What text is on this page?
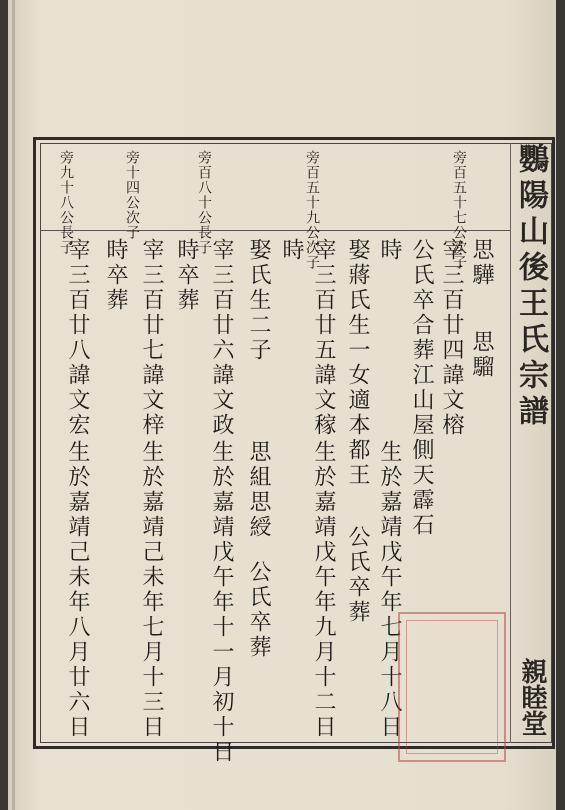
鸚陽山後王氏宗譜
親睦堂
旁百五十七公次子
旁百五十九公次子
旁百八十公長子
旁十四公次子
旁九十八公長子
思驊
思騮
宰三百廿四諱文榕
公氏卒合葬江山屋側天霹石
生於嘉靖戊午年七月十八日
時
娶蔣氏生一女適本都王
公氏卒葬
宰三百廿五諱文稼
生於嘉靖戊午年九月十二日
時
娶氏生二子
思組思綬
公氏卒葬
宰三百廿六諱文政
生於嘉靖戊午年十一月初十日
時卒葬
宰三百廿七諱文梓
生於嘉靖己未年七月十三日
時卒葬
宰三百廿八諱文宏
生於嘉靖己未年八月廿六日
